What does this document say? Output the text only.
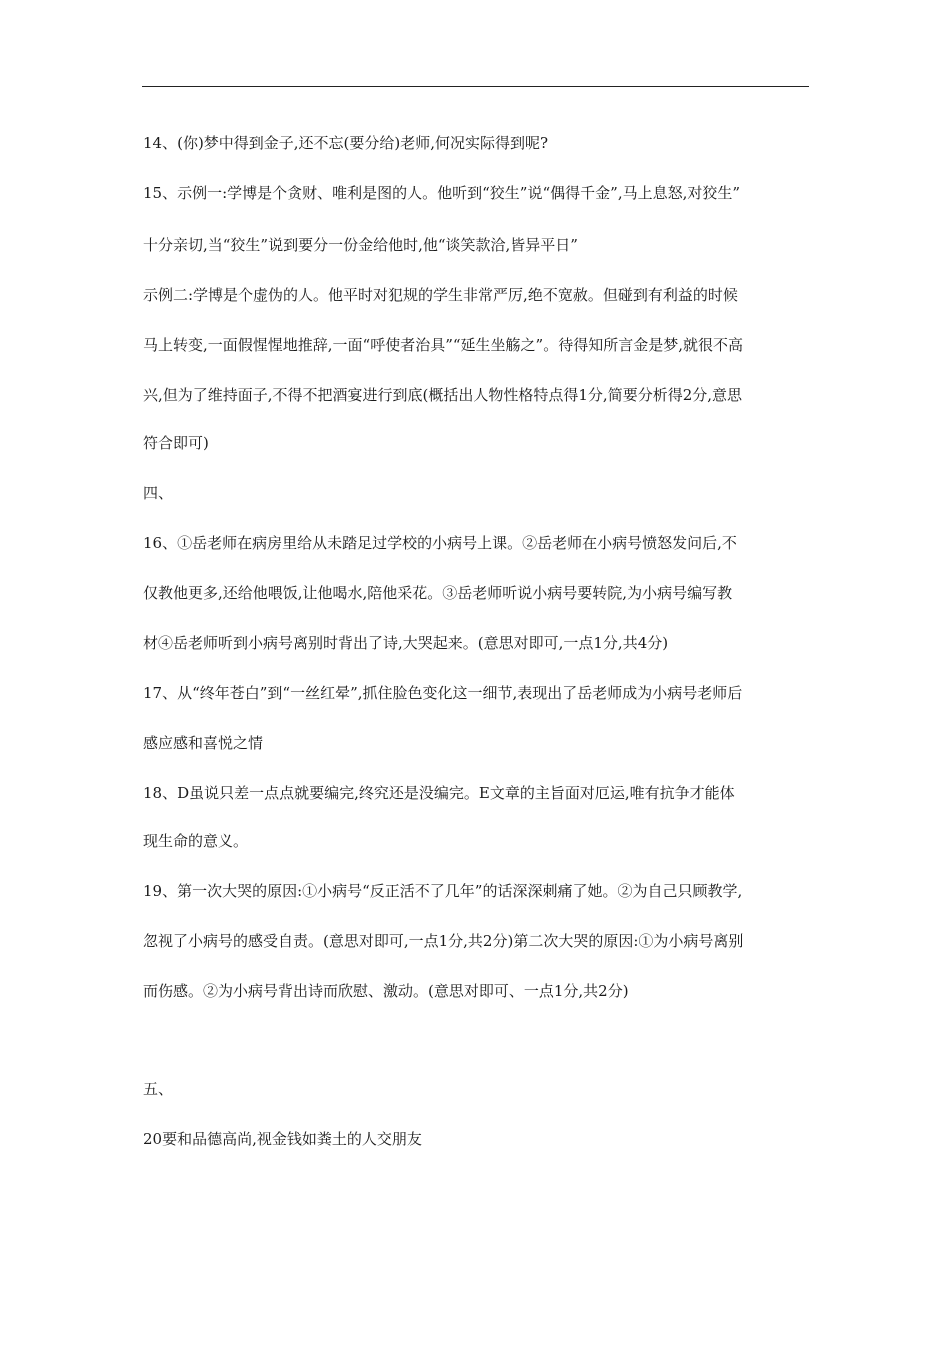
14、(你)梦中得到金子,还不忘(要分给)老师,何况实际得到呢?
15、示例一:学博是个贪财、唯利是图的人。他听到“狡生”说“偶得千金”,马上息怒,对狡生”
十分亲切,当“狡生”说到要分一份金给他时,他“谈笑款洽,皆异平日”
示例二:学博是个虚伪的人。他平时对犯规的学生非常严厉,绝不宽赦。但碰到有利益的时候
马上转变,一面假惺惺地推辞,一面“呼使者治具”“延生坐觞之”。待得知所言金是梦,就很不高
兴,但为了维持面子,不得不把酒宴进行到底(概括出人物性格特点得1分,简要分析得2分,意思
符合即可)
四、
16、①岳老师在病房里给从未踏足过学校的小病号上课。②岳老师在小病号愤怒发问后,不
仅教他更多,还给他喂饭,让他喝水,陪他采花。③岳老师听说小病号要转院,为小病号编写教
材④岳老师听到小病号离别时背出了诗,大哭起来。(意思对即可,一点1分,共4分)
17、从“终年苍白”到“一丝红晕”,抓住脸色变化这一细节,表现出了岳老师成为小病号老师后
感应感和喜悦之情
18、D虽说只差一点点就要编完,终究还是没编完。E文章的主旨面对厄运,唯有抗争才能体
现生命的意义。
19、第一次大哭的原因:①小病号“反正活不了几年”的话深深刺痛了她。②为自己只顾教学,
忽视了小病号的感受自责。(意思对即可,一点1分,共2分)第二次大哭的原因:①为小病号离别
而伤感。②为小病号背出诗而欣慰、激动。(意思对即可、一点1分,共2分)
五、
20要和品德高尚,视金钱如粪土的人交朋友
